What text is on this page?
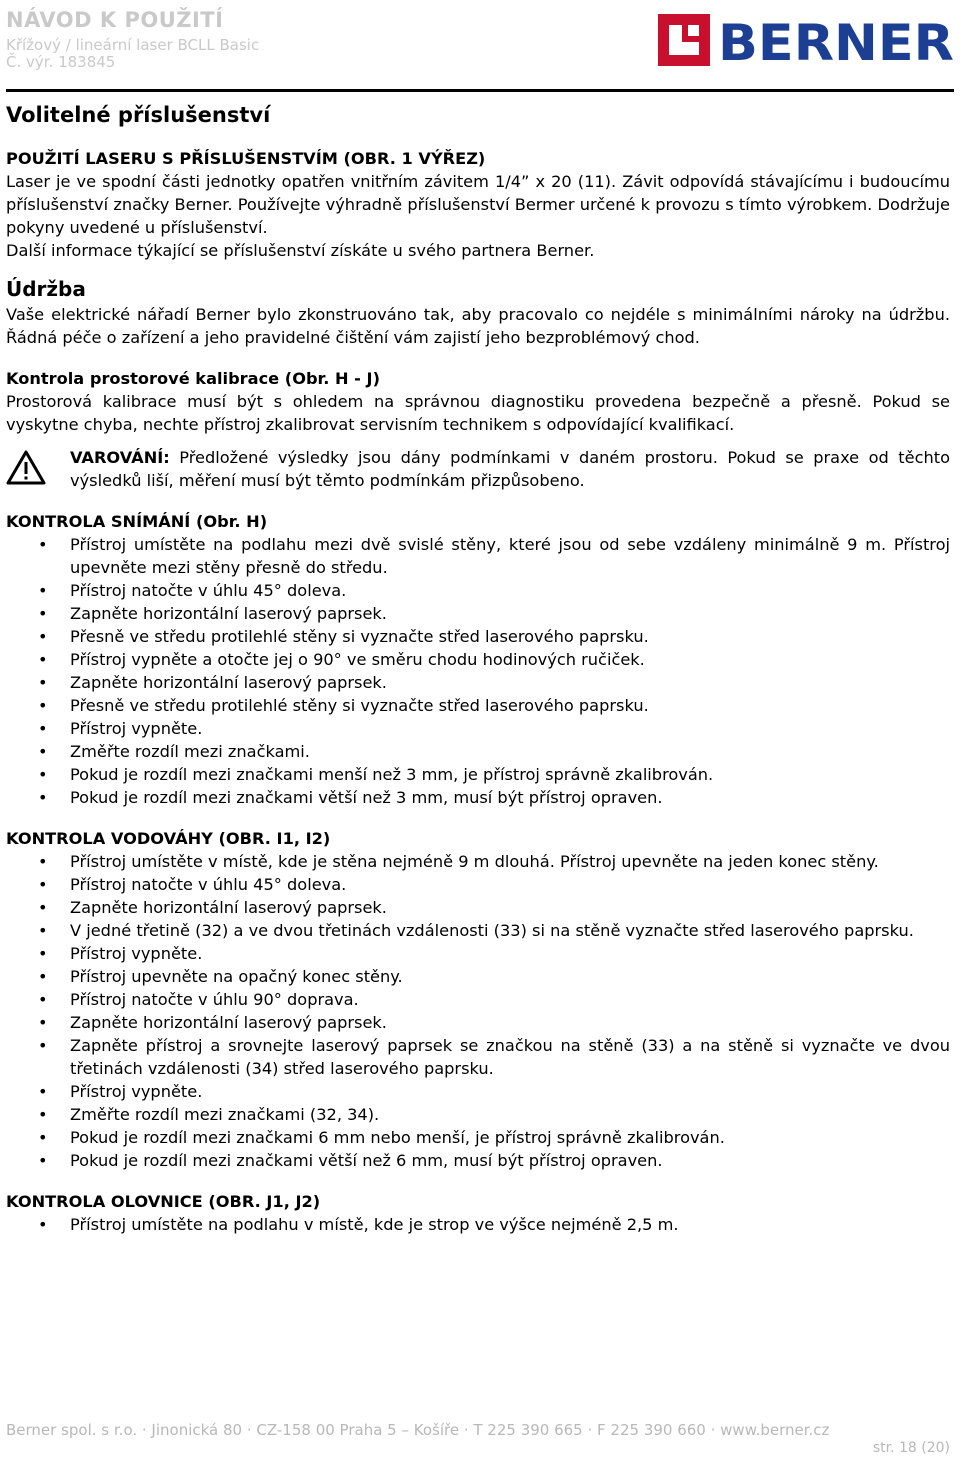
NÁVOD K POUŽITÍ
Křížový / lineární laser BCLL Basic
Č. výr. 183845	BERNER
Volitelné příslušenství
POUŽITÍ LASERU S PŘÍSLUŠENSTVÍM (OBR. 1 VÝŘEZ)

Laser je ve spodní části jednotky opatřen vnitřním závitem 1/4” x 20 (11). Závit odpovídá stávajícímu i budoucímu příslušenství značky Berner. Používejte výhradně příslušenství Bermer určené k provozu s tímto výrobkem. Dodržuje pokyny uvedené u příslušenství.

Další informace týkající se příslušenství získáte u svého partnera Berner.

Údržba

Vaše elektrické nářadí Berner bylo zkonstruováno tak, aby pracovalo co nejdéle s minimálními nároky na údržbu. Řádná péče o zařízení a jeho pravidelné čištění vám zajistí jeho bezproblémový chod.

Kontrola prostorové kalibrace (Obr. H - J)

Prostorová kalibrace musí být s ohledem na správnou diagnostiku provedena bezpečně a přesně. Pokud se vyskytne chyba, nechte přístroj zkalibrovat servisním technikem s odpovídající kvalifikací.

VAROVÁNÍ: Předložené výsledky jsou dány podmínkami v daném prostoru. Pokud se praxe od těchto výsledků liší, měření musí být těmto podmínkám přizpůsobeno.

KONTROLA SNÍMÁNÍ (Obr. H)
• Přístroj umístěte na podlahu mezi dvě svislé stěny, které jsou od sebe vzdáleny minimálně 9 m. Přístroj upevněte mezi stěny přesně do středu.
• Přístroj natočte v úhlu 45° doleva.
• Zapněte horizontální laserový paprsek.
• Přesně ve středu protilehlé stěny si vyznačte střed laserového paprsku.
• Přístroj vypněte a otočte jej o 90° ve směru chodu hodinových ručiček.
• Zapněte horizontální laserový paprsek.
• Přesně ve středu protilehlé stěny si vyznačte střed laserového paprsku.
• Přístroj vypněte.
• Změřte rozdíl mezi značkami.
• Pokud je rozdíl mezi značkami menší než 3 mm, je přístroj správně zkalibrován.
• Pokud je rozdíl mezi značkami větší než 3 mm, musí být přístroj opraven.
KONTROLA VODOVÁHY (OBR. I1, I2)
• Přístroj umístěte v místě, kde je stěna nejméně 9 m dlouhá. Přístroj upevněte na jeden konec stěny.
• Přístroj natočte v úhlu 45° doleva.
• Zapněte horizontální laserový paprsek.
• V jedné třetině (32) a ve dvou třetinách vzdálenosti (33) si na stěně vyznačte střed laserového paprsku.
• Přístroj vypněte.
• Přístroj upevněte na opačný konec stěny.
• Přístroj natočte v úhlu 90° doprava.
• Zapněte horizontální laserový paprsek.
• Zapněte přístroj a srovnejte laserový paprsek se značkou na stěně (33) a na stěně si vyznačte ve dvou třetinách vzdálenosti (34) střed laserového paprsku.
• Přístroj vypněte.
• Změřte rozdíl mezi značkami (32, 34).
• Pokud je rozdíl mezi značkami 6 mm nebo menší, je přístroj správně zkalibrován.
• Pokud je rozdíl mezi značkami větší než 6 mm, musí být přístroj opraven.
KONTROLA OLOVNICE (OBR. J1, J2)
• Přístroj umístěte na podlahu v místě, kde je strop ve výšce nejméně 2,5 m.
Berner spol. s r.o. · Jinonická 80 · CZ-158 00 Praha 5 – Košíře · T 225 390 665 · F 225 390 660 · www.berner.cz
str. 18 (20)
